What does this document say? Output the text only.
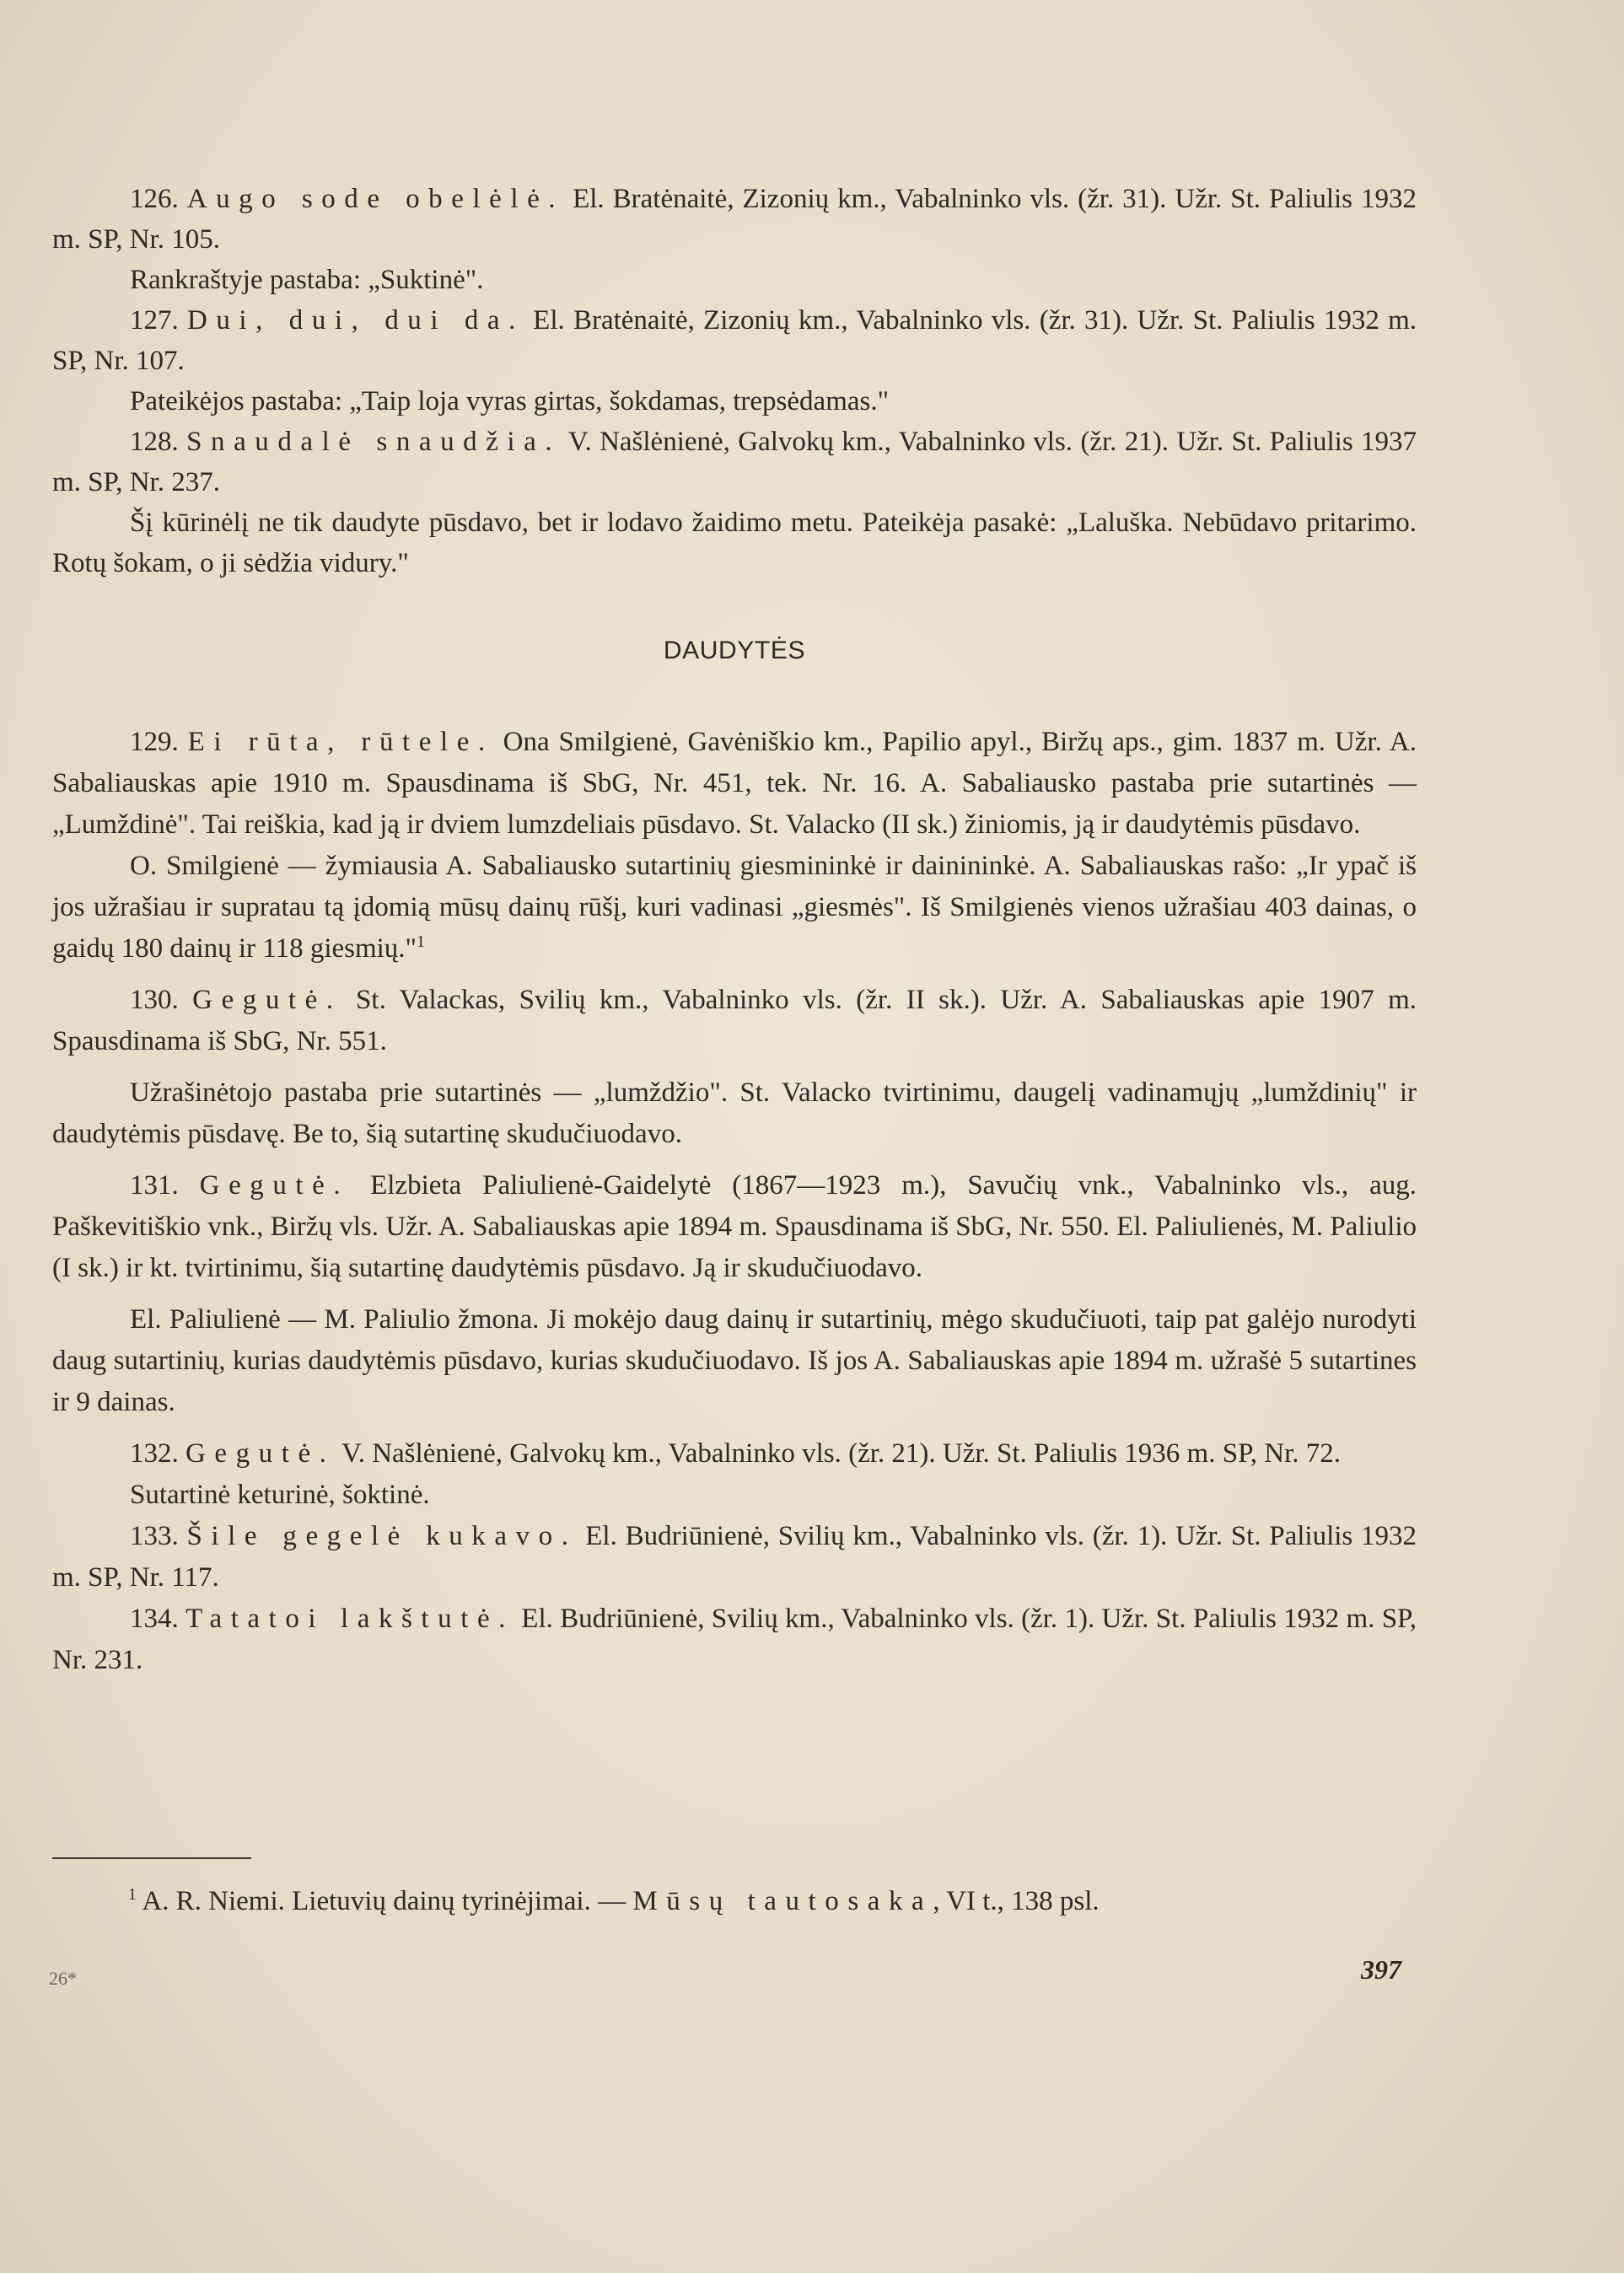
126. Augo sode obelėlė. El. Bratėnaitė, Zizonių km., Vabalninko vls. (žr. 31). Užr. St. Paliulis 1932 m. SP, Nr. 105.

Rankraštyje pastaba: „Suktinė".

127. Dui, dui, dui da. El. Bratėnaitė, Zizonių km., Vabalninko vls. (žr. 31). Užr. St. Paliulis 1932 m. SP, Nr. 107.

Pateikėjos pastaba: „Taip loja vyras girtas, šokdamas, trepsėdamas."

128. Snaudalė snaudžia. V. Našlėnienė, Galvokų km., Vabalninko vls. (žr. 21). Užr. St. Paliulis 1937 m. SP, Nr. 237.

Šį kūrinėlį ne tik daudyte pūsdavo, bet ir lodavo žaidimo metu. Pateikėja pasakė: „Laluška. Nebūdavo pritarimo. Rotų šokam, o ji sėdžia vidury."

DAUDYTĖS

129. Ei rūta, rūtele. Ona Smilgienė, Gavėniškio km., Papilio apyl., Biržų aps., gim. 1837 m. Užr. A. Sabaliauskas apie 1910 m. Spausdinama iš SbG, Nr. 451, tek. Nr. 16. A. Sabaliausko pastaba prie sutartinės — „Lumždinė". Tai reiškia, kad ją ir dviem lumzdeliais pūsdavo. St. Valacko (II sk.) žiniomis, ją ir daudytėmis pūsdavo.

O. Smilgienė — žymiausia A. Sabaliausko sutartinių giesmininkė ir dainininkė. A. Sabaliauskas rašo: „Ir ypač iš jos užrašiau ir supratau tą įdomią mūsų dainų rūšį, kuri vadinasi „giesmės". Iš Smilgienės vienos užrašiau 403 dainas, o gaidų 180 dainų ir 118 giesmių."$^1$

130. Gegutė. St. Valackas, Svilių km., Vabalninko vls. (žr. II sk.). Užr. A. Sabaliauskas apie 1907 m. Spausdinama iš SbG, Nr. 551.

Užrašinėtojo pastaba prie sutartinės — „lumždžio". St. Valacko tvirtinimu, daugelį vadinamųjų „lumždinių" ir daudytėmis pūsdavę. Be to, šią sutartinę skudučiuodavo.

131. Gegutė. Elzbieta Paliulienė-Gaidelytė (1867—1923 m.), Savučių vnk., Vabalninko vls., aug. Paškevitiškio vnk., Biržų vls. Užr. A. Sabaliauskas apie 1894 m. Spausdinama iš SbG, Nr. 550. El. Paliulienės, M. Paliulio (I sk.) ir kt. tvirtinimu, šią sutartinę daudytėmis pūsdavo. Ją ir skudučiuodavo.

El. Paliulienė — M. Paliulio žmona. Ji mokėjo daug dainų ir sutartinių, mėgo skudučiuoti, taip pat galėjo nurodyti daug sutartinių, kurias daudytėmis pūsdavo, kurias skudučiuodavo. Iš jos A. Sabaliauskas apie 1894 m. užrašė 5 sutartines ir 9 dainas.

132. Gegutė. V. Našlėnienė, Galvokų km., Vabalninko vls. (žr. 21). Užr. St. Paliulis 1936 m. SP, Nr. 72.

Sutartinė keturinė, šoktinė.

133. Šile gegelė kukavo. El. Budriūnienė, Svilių km., Vabalninko vls. (žr. 1). Užr. St. Paliulis 1932 m. SP, Nr. 117.

134. Tatatoi lakštutė. El. Budriūnienė, Svilių km., Vabalninko vls. (žr. 1). Užr. St. Paliulis 1932 m. SP, Nr. 231.

$^1$ A. R. Niemi. Lietuvių dainų tyrinėjimai. — Mūsų tautosaka, VI t., 138 psl.
26*	397
